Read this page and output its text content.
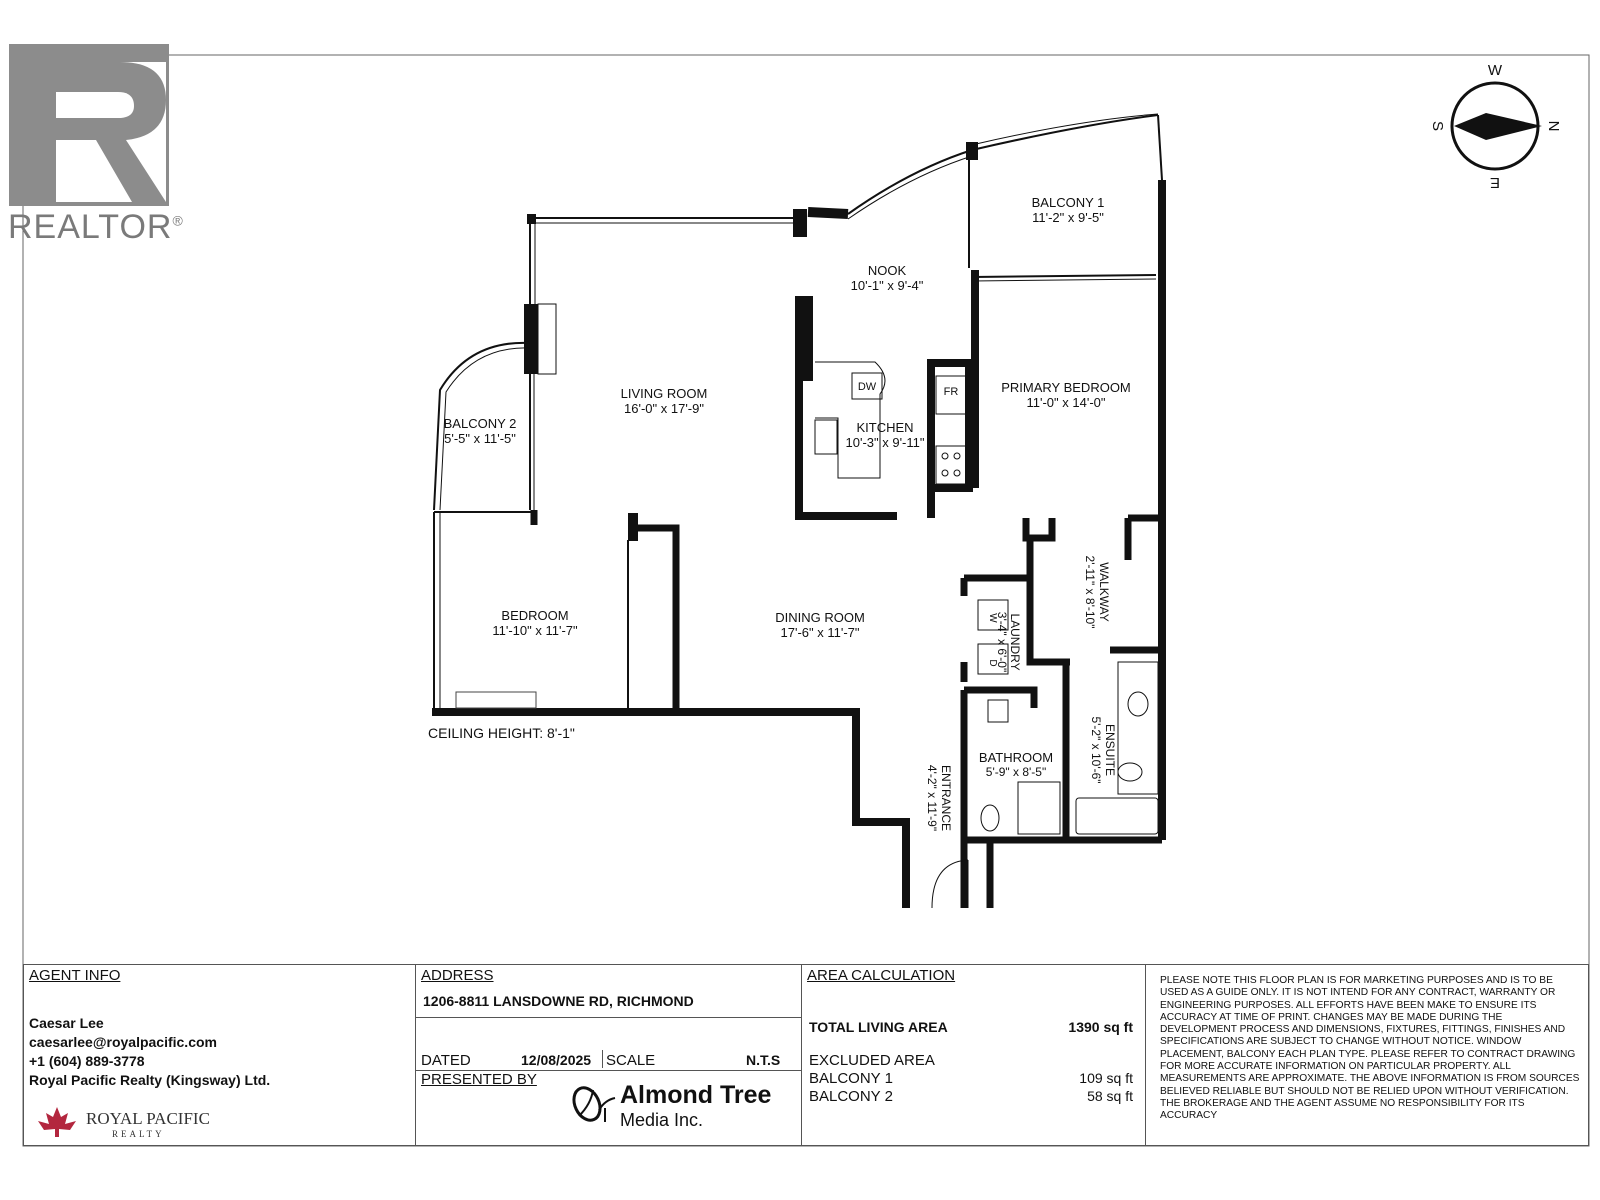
W
E
S	N
BALCONY 1
11'-2" x 9'-5"
NOOK
10'-1" x 9'-4"
LIVING ROOM
16'-0" x 17'-9"
BALCONY 2
5'-5" x 11'-5"
DW	FR
KITCHEN
10'-3" x 9'-11"
PRIMARY BEDROOM
11'-0" x 14'-0"
BEDROOM
11'-10" x 11'-7"
DINING ROOM
17'-6" x 11'-7"
WALKWAY
2'-11" x 8'-10"
LAUNDRY
3'-4" x 6'-0"
W
D
ENSUITE
5'-2" x 10'-6"
BATHROOM
5'-9" x 8'-5"
ENTRANCE
4'-2" x 11'-9"
CEILING HEIGHT: 8'-1"
REALTOR®
AGENT INFO
Caesar Lee
caesarlee@royalpacific.com
+1 (604) 889-3778
Royal Pacific Realty (Kingsway) Ltd.
ROYAL PACIFIC
REALTY
ADDRESS
1206-8811 LANSDOWNE RD, RICHMOND
DATED	12/08/2025 SCALE	N.T.S
PRESENTED BY
Almond Tree
Media Inc.
AREA CALCULATION
TOTAL LIVING AREA	1390 sq ft
EXCLUDED AREA
BALCONY 1	109 sq ft
BALCONY 2	58 sq ft
PLEASE NOTE THIS FLOOR PLAN IS FOR MARKETING PURPOSES AND IS TO BE USED AS A GUIDE ONLY. IT IS NOT INTEND FOR ANY CONTRACT, WARRANTY OR ENGINEERING PURPOSES. ALL EFFORTS HAVE BEEN MAKE TO ENSURE ITS ACCURACY AT TIME OF PRINT. CHANGES MAY BE MADE DURING THE DEVELOPMENT PROCESS AND DIMENSIONS, FIXTURES, FITTINGS, FINISHES AND SPECIFICATIONS ARE SUBJECT TO CHANGE WITHOUT NOTICE. WINDOW PLACEMENT, BALCONY EACH PLAN TYPE. PLEASE REFER TO CONTRACT DRAWING FOR MORE ACCURATE INFORMATION ON PARTICULAR PROPERTY. ALL MEASUREMENTS ARE APPROXIMATE. THE ABOVE INFORMATION IS FROM SOURCES BELIEVED RELIABLE BUT SHOULD NOT BE RELIED UPON WITHOUT VERIFICATION. THE BROKERAGE AND THE AGENT ASSUME NO RESPONSIBILITY FOR ITS ACCURACY
